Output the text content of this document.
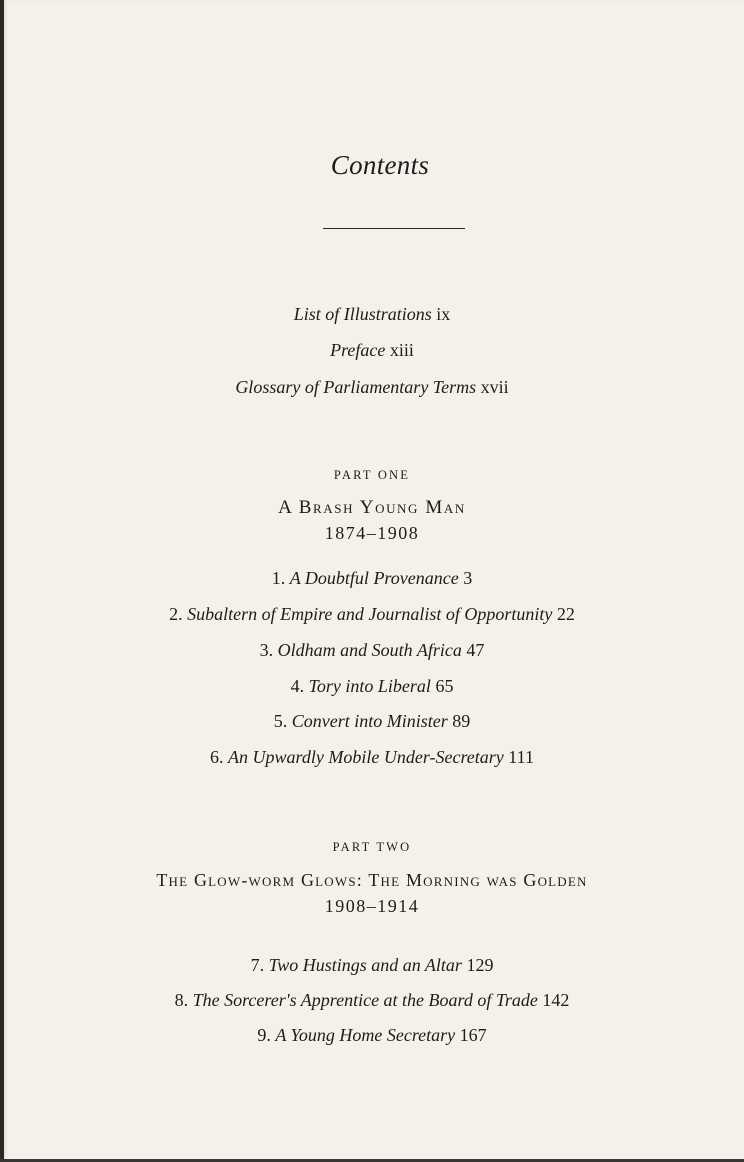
Contents
List of Illustrations ix
Preface xiii
Glossary of Parliamentary Terms xvii
PART ONE
A Brash Young Man
1874–1908
1. A Doubtful Provenance 3
2. Subaltern of Empire and Journalist of Opportunity 22
3. Oldham and South Africa 47
4. Tory into Liberal 65
5. Convert into Minister 89
6. An Upwardly Mobile Under-Secretary 111
PART TWO
The Glow-worm Glows: The Morning was Golden
1908–1914
7. Two Hustings and an Altar 129
8. The Sorcerer's Apprentice at the Board of Trade 142
9. A Young Home Secretary 167
